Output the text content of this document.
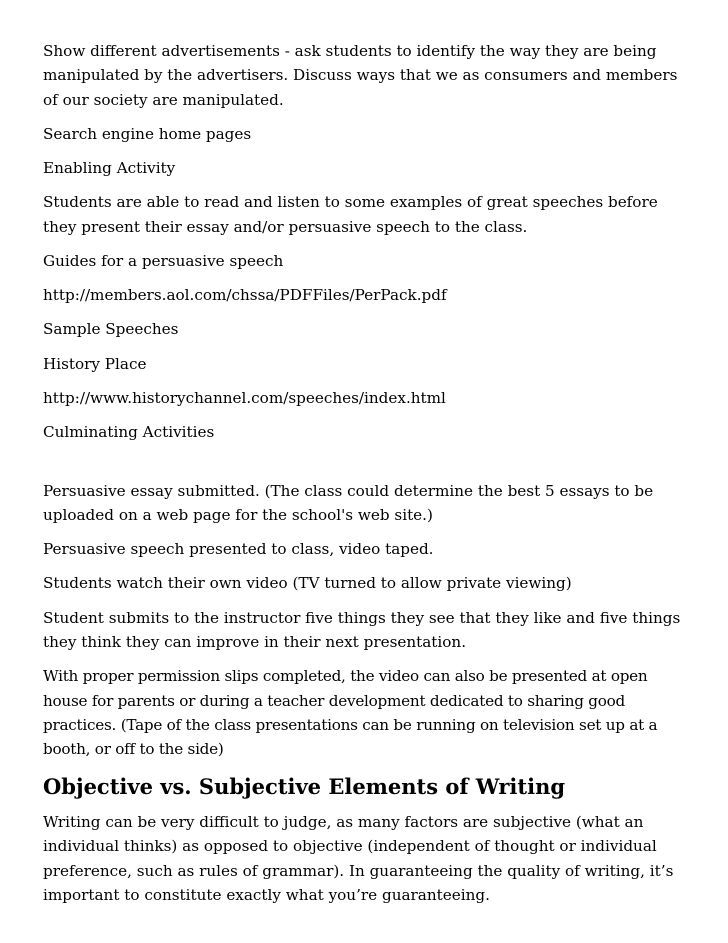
Show different advertisements - ask students to identify the way they are being manipulated by the advertisers. Discuss ways that we as consumers and members of our society are manipulated.

Search engine home pages

Enabling Activity

Students are able to read and listen to some examples of great speeches before they present their essay and/or persuasive speech to the class.

Guides for a persuasive speech

http://members.aol.com/chssa/PDFFiles/PerPack.pdf

Sample Speeches

History Place

http://www.historychannel.com/speeches/index.html

Culminating Activities

Persuasive essay submitted. (The class could determine the best 5 essays to be uploaded on a web page for the school's web site.)

Persuasive speech presented to class, video taped.

Students watch their own video (TV turned to allow private viewing)

Student submits to the instructor five things they see that they like and five things they think they can improve in their next presentation.

With proper permission slips completed, the video can also be presented at open house for parents or during a teacher development dedicated to sharing good practices. (Tape of the class presentations can be running on television set up at a booth, or off to the side)

Objective vs. Subjective Elements of Writing

Writing can be very difficult to judge, as many factors are subjective (what an individual thinks) as opposed to objective (independent of thought or individual preference, such as rules of grammar). In guaranteeing the quality of writing, it’s important to constitute exactly what you’re guaranteeing.
